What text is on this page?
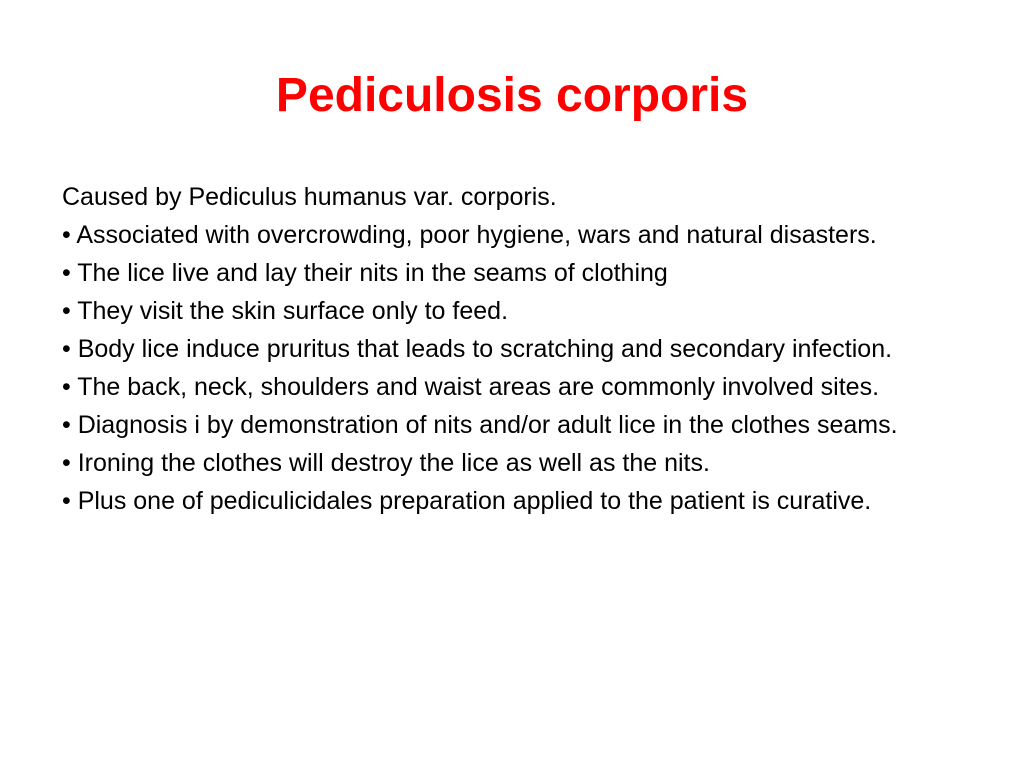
Pediculosis corporis

Caused by Pediculus humanus var. corporis.

• Associated with overcrowding, poor hygiene, wars and natural disasters.

• The lice live and lay their nits in the seams of clothing

• They visit the skin surface only to feed.

• Body lice induce pruritus that leads to scratching and secondary infection.

• The back, neck, shoulders and waist areas are commonly involved sites.

• Diagnosis i by demonstration of nits and/or adult lice in the clothes seams.

• Ironing the clothes will destroy the lice as well as the nits.

• Plus one of pediculicidales preparation applied to the patient is curative.
